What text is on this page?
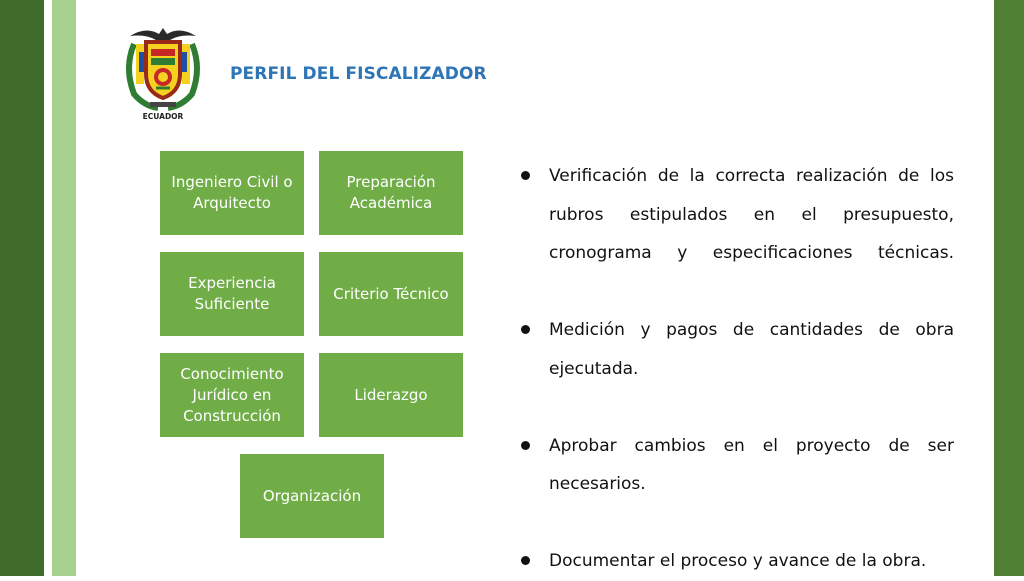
ECUADOR
PERFIL DEL FISCALIZADOR
Ingeniero Civil o Arquitecto
Preparación Académica
Experiencia Suficiente
Criterio Técnico
Conocimiento Jurídico en Construcción
Liderazgo
Organización
Verificación de la correcta realización de los rubros estipulados en el presupuesto, cronograma y especificaciones técnicas.
Medición y pagos de cantidades de obra ejecutada.
Aprobar cambios en el proyecto de ser necesarios.
Documentar el proceso y avance de la obra.
